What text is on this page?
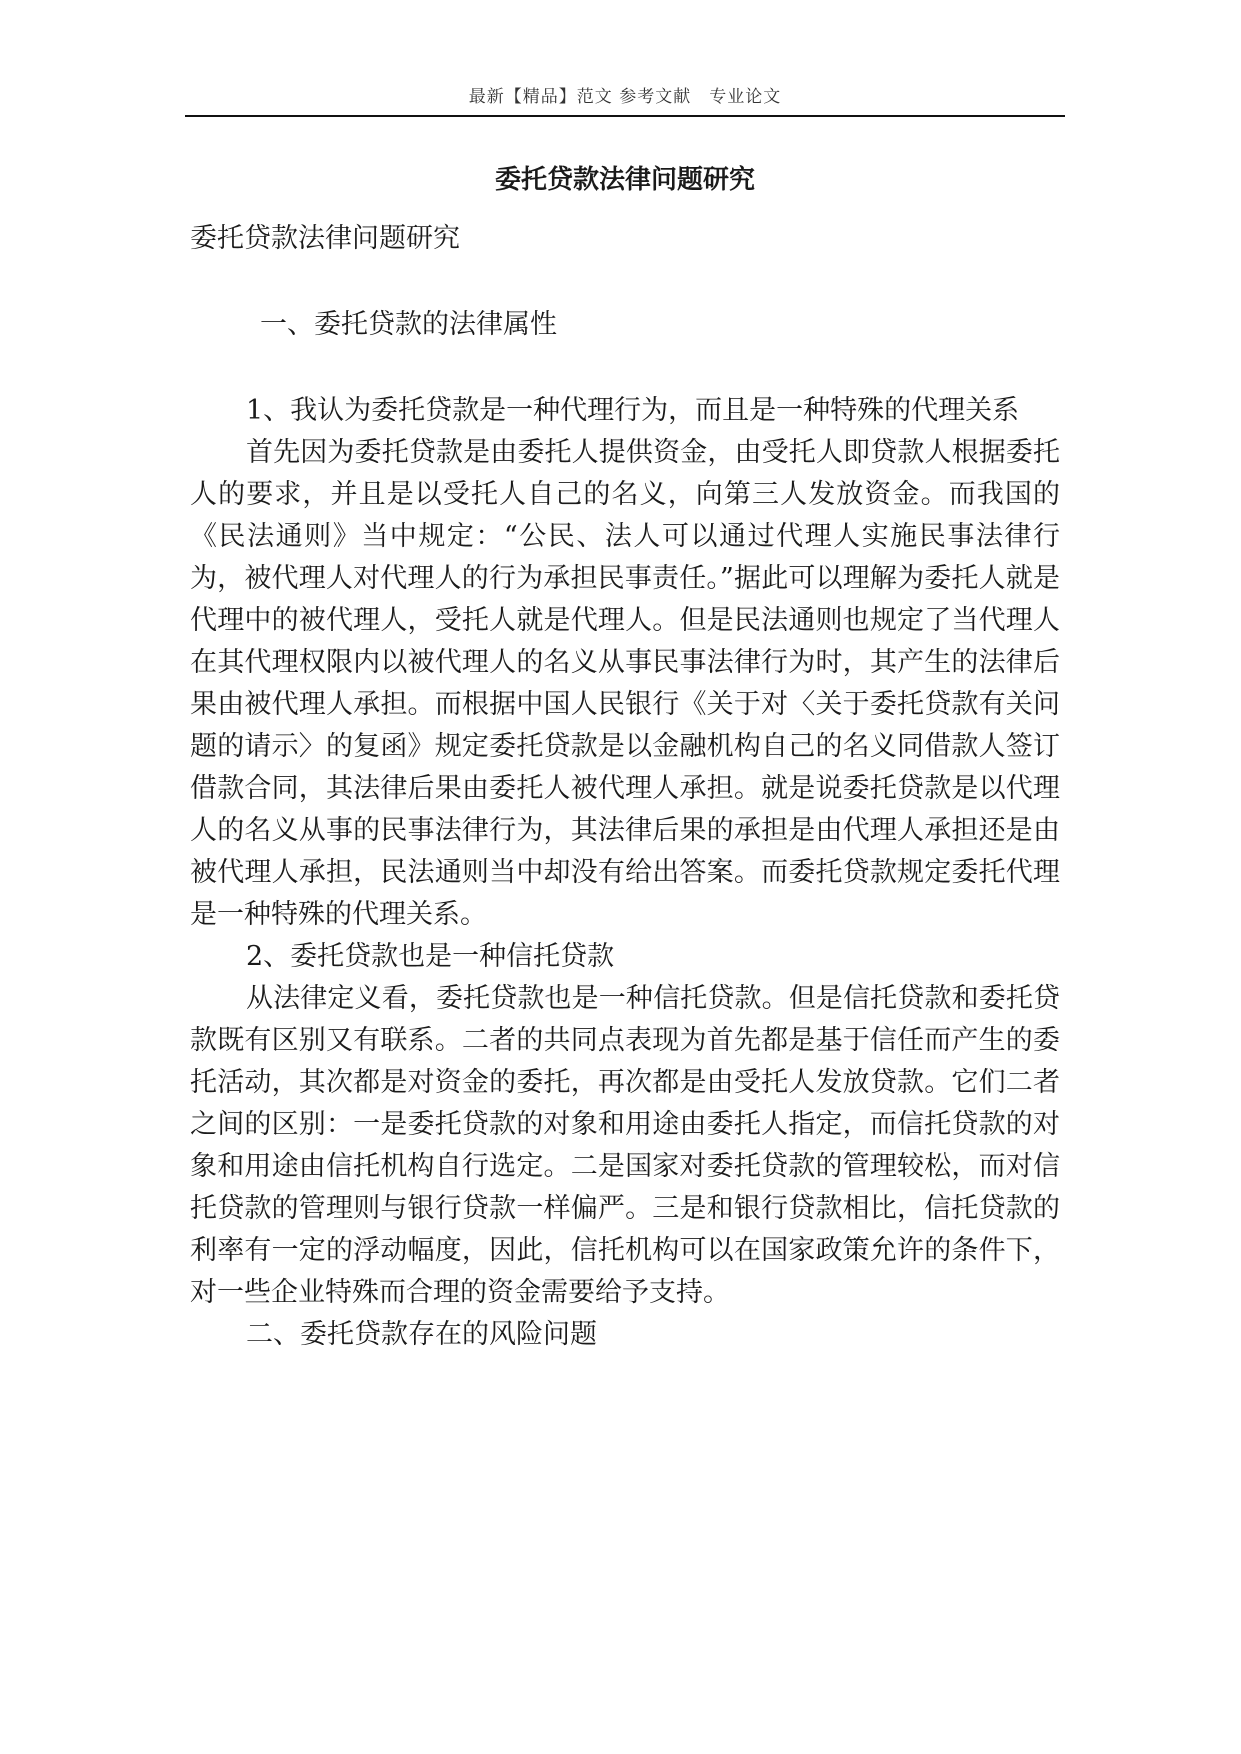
最新【精品】范文 参考文献　专业论文
委托贷款法律问题研究

委托贷款法律问题研究

一、委托贷款的法律属性

1、我认为委托贷款是一种代理行为，而且是一种特殊的代理关系

首先因为委托贷款是由委托人提供资金，由受托人即贷款人根据委托人的要求，并且是以受托人自己的名义，向第三人发放资金。而我国的《民法通则》当中规定：“公民、法人可以通过代理人实施民事法律行为，被代理人对代理人的行为承担民事责任。”据此可以理解为委托人就是代理中的被代理人，受托人就是代理人。但是民法通则也规定了当代理人在其代理权限内以被代理人的名义从事民事法律行为时，其产生的法律后果由被代理人承担。而根据中国人民银行《关于对〈关于委托贷款有关问题的请示〉的复函》规定委托贷款是以金融机构自己的名义同借款人签订借款合同，其法律后果由委托人被代理人承担。就是说委托贷款是以代理人的名义从事的民事法律行为，其法律后果的承担是由代理人承担还是由被代理人承担，民法通则当中却没有给出答案。而委托贷款规定委托代理是一种特殊的代理关系。

2、委托贷款也是一种信托贷款

从法律定义看，委托贷款也是一种信托贷款。但是信托贷款和委托贷款既有区别又有联系。二者的共同点表现为首先都是基于信任而产生的委托活动，其次都是对资金的委托，再次都是由受托人发放贷款。它们二者之间的区别：一是委托贷款的对象和用途由委托人指定，而信托贷款的对象和用途由信托机构自行选定。二是国家对委托贷款的管理较松，而对信托贷款的管理则与银行贷款一样偏严。三是和银行贷款相比，信托贷款的利率有一定的浮动幅度，因此，信托机构可以在国家政策允许的条件下，对一些企业特殊而合理的资金需要给予支持。

二、委托贷款存在的风险问题
